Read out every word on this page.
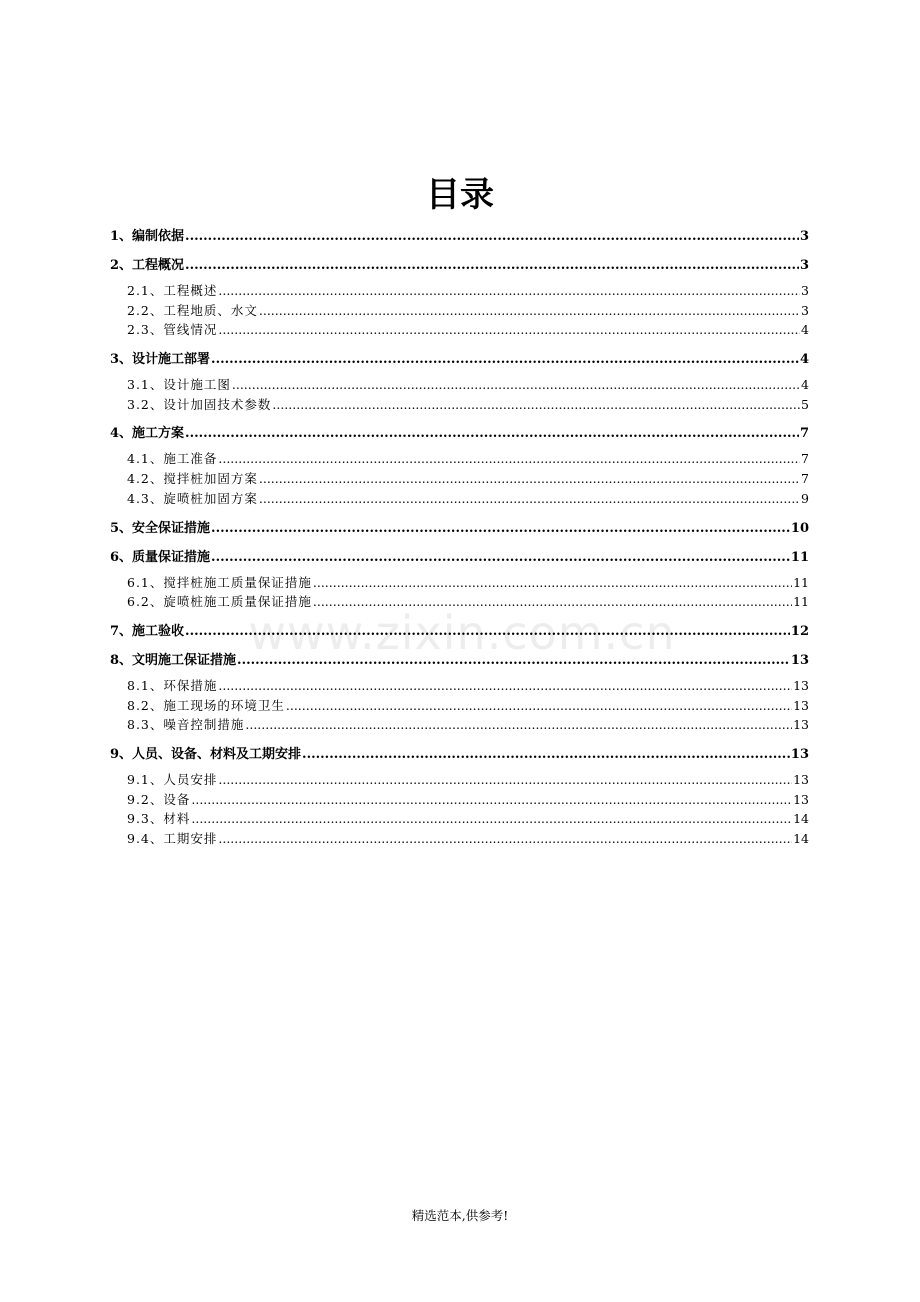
目录
1、编制依据 .....	3
2、工程概况 .....	3
2.1、工程概述 .....	3
2.2、工程地质、水文 .....	3
2.3、管线情况 .....	4
3、设计施工部署 .....	4
3.1、设计施工图 .....	4
3.2、设计加固技术参数 .....	5
4、施工方案 .....	7
4.1、施工准备 .....	7
4.2、搅拌桩加固方案 .....	7
4.3、旋喷桩加固方案 .....	9
5、安全保证措施 .....	10
6、质量保证措施 .....	11
6.1、搅拌桩施工质量保证措施 .....	11
6.2、旋喷桩施工质量保证措施 .....	11
7、施工验收 .....	12
8、文明施工保证措施 .....	13
8.1、环保措施 .....	13
8.2、施工现场的环境卫生 .....	13
8.3、噪音控制措施 .....	13
9、人员、设备、材料及工期安排 .....	13
9.1、人员安排 .....	13
9.2、设备 .....	13
9.3、材料 .....	14
9.4、工期安排 .....	14
www.zixin.com.cn
精选范本,供参考!
